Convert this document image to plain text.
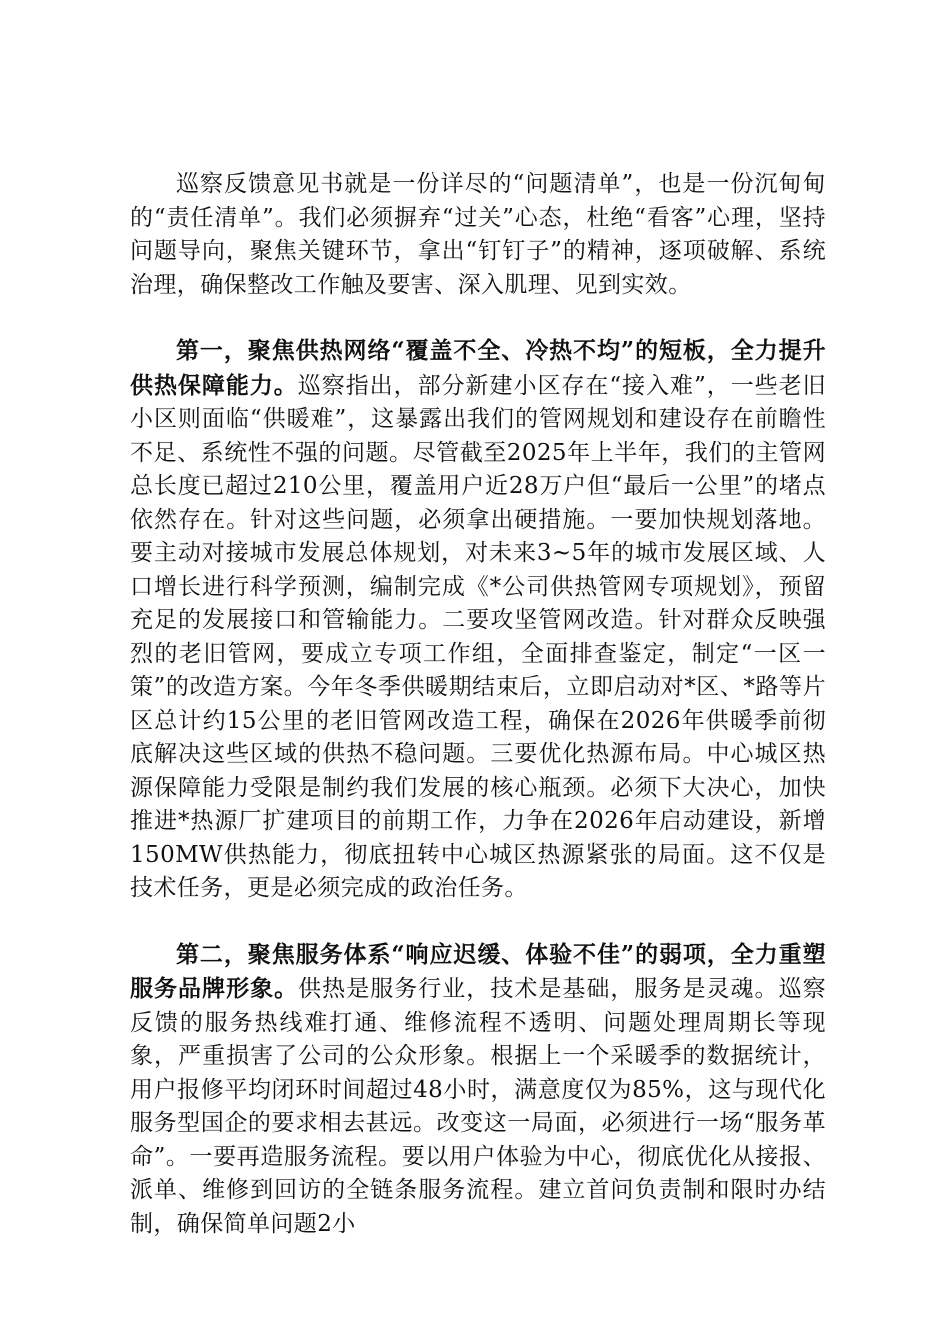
巡察反馈意见书就是一份详尽的“问题清单”，也是一份沉甸甸的“责任清单”。我们必须摒弃“过关”心态，杜绝“看客”心理，坚持问题导向，聚焦关键环节，拿出“钉钉子”的精神，逐项破解、系统治理，确保整改工作触及要害、深入肌理、见到实效。

第一，聚焦供热网络“覆盖不全、冷热不均”的短板，全力提升供热保障能力。巡察指出，部分新建小区存在“接入难”，一些老旧小区则面临“供暖难”，这暴露出我们的管网规划和建设存在前瞻性不足、系统性不强的问题。尽管截至2025年上半年，我们的主管网总长度已超过210公里，覆盖用户近28万户但“最后一公里”的堵点依然存在。针对这些问题，必须拿出硬措施。一要加快规划落地。要主动对接城市发展总体规划，对未来3~5年的城市发展区域、人口增长进行科学预测，编制完成《*公司供热管网专项规划》，预留充足的发展接口和管输能力。二要攻坚管网改造。针对群众反映强烈的老旧管网，要成立专项工作组，全面排查鉴定，制定“一区一策”的改造方案。今年冬季供暖期结束后，立即启动对*区、*路等片区总计约15公里的老旧管网改造工程，确保在2026年供暖季前彻底解决这些区域的供热不稳问题。三要优化热源布局。中心城区热源保障能力受限是制约我们发展的核心瓶颈。必须下大决心，加快推进*热源厂扩建项目的前期工作，力争在2026年启动建设，新增150MW供热能力，彻底扭转中心城区热源紧张的局面。这不仅是技术任务，更是必须完成的政治任务。

第二，聚焦服务体系“响应迟缓、体验不佳”的弱项，全力重塑服务品牌形象。供热是服务行业，技术是基础，服务是灵魂。巡察反馈的服务热线难打通、维修流程不透明、问题处理周期长等现象，严重损害了公司的公众形象。根据上一个采暖季的数据统计，用户报修平均闭环时间超过48小时，满意度仅为85%，这与现代化服务型国企的要求相去甚远。改变这一局面，必须进行一场“服务革命”。一要再造服务流程。要以用户体验为中心，彻底优化从接报、派单、维修到回访的全链条服务流程。建立首问负责制和限时办结制，确保简单问题2小
